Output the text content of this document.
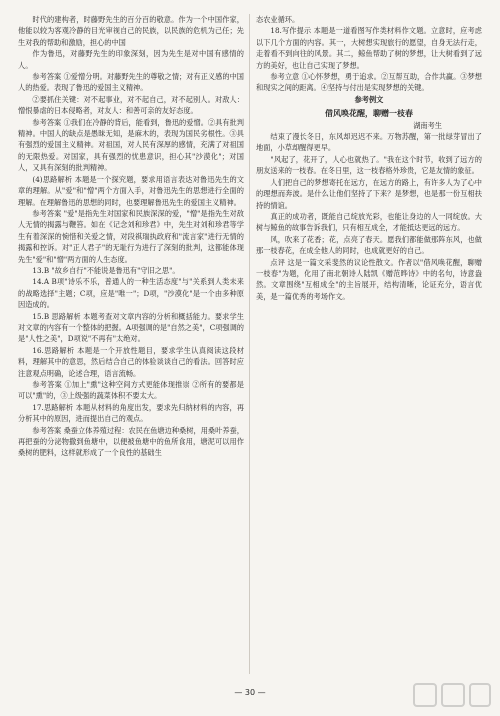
时代的建构者，时藤野先生的百分百的敬意。作为一个中国作家，他能以较为客观冷静的目光审视自己的民族，以民族的危机为己任；先生对我的帮助和激励，担心的中国

作为鲁迅，对藤野先生的印象深刻，因为先生是对中国有感情的人。

参考答案 ①爱憎分明。对藤野先生的尊敬之情；对有正义感的中国人的热爱。表现了鲁迅的爱国主义精神。

②要抓住关键：对不起事业，对不起自己，对不起别人。对敌人：憎恨暴虐的日本侵略者，对友人：和善可亲的友好态度。

参考答案 ①我们在冷静的背后，能看到，鲁迅的爱憎。②具有批判精神。中国人的缺点是愚昧无知，是麻木的，表现为国民劣根性。③具有强烈的爱国主义精神。对祖国，对人民有深厚的感情，充满了对祖国的无限热爱。对国家，具有强烈的忧患意识，担心其"沙漠化"；对国人，又具有深刻的批判精神。

(4)思路解析 本题是一个探究题，要求用语言表达对鲁迅先生的文章的理解。从"爱"和"憎"两个方面入手，对鲁迅先生的思想进行全面的理解。在理解鲁迅的思想的同时，也要理解鲁迅先生的爱国主义精神。

参考答案 "爱"是指先生对国家和民族深深的爱，"憎"是指先生对敌人无情的揭露与鞭笞。如在《记念刘和珍君》中，先生对刘和珍君等学生有着深深的惋惜和关爱之情，对段祺瑞执政府和"流言家"进行无情的揭露和控诉。对"正人君子"的无耻行为进行了深刻的批判，这都能体现先生"爱"和"憎"两方面的人生态度。

13.B "故乡自行"不能说是鲁迅有"守旧之思"。

14.A B项"诗乐不乐，普通人的一种生活态度"与"关系到人类未来的战略选择"主题；C项，应是"唯一"；D项，"沙漠化"是一个由多种原因造成的。

15.B 思路解析 本题考查对文章内容的分析和概括能力。要求学生对文章的内容有一个整体的把握。A项强调的是"自然之美"，C项强调的是"人性之美"，D项说"不再有"太绝对。

16.思路解析 本题是一个开放性题目，要求学生认真阅读这段材料，理解其中的意思，然后结合自己的体验谈谈自己的看法。回答时应注意观点明确，论述合理，语言流畅。

参考答案 ①加上"熏"这种空间方式更能体现推崇 ②所有的要都是可以"熏"的，③上级强的蔬菜体积不要太大。

17.思路解析 本题从材料的角度出发，要求先归纳材料的内容，再分析其中的原因，进而提出自己的观点。

参考答案 桑蚕立体养殖过程：农民在鱼塘边种桑树，用桑叶养蚕，再把蚕的分泌物撒到鱼塘中，以便被鱼塘中的鱼所食用，塘泥可以用作桑树的肥料，这样就形成了一个良性的基础生

态农业循环。

18.写作提示 本题是一道看图写作类材料作文题。立意时，应考虑以下几个方面的内容。其一，大树想实现旅行的愿望，自身无法行走，走着看不到向往的风景。其二，鲸鱼帮助了树的梦想，让大树看到了远方的美好，也让自己实现了梦想。

参考立意 ①心怀梦想，勇于追求。②互帮互助，合作共赢。③梦想和现实之间的距离。④坚持与付出是实现梦想的关键。

参考例文

借风唤花醒，聊赠一枝春

湖南考生

结束了漫长冬日，东风却迟迟不来。万物苏醒，第一批绿芽冒出了地面，小草却醒得更早。

"风起了，花开了，人心也就热了。"我在这个时节，收到了远方的朋友送来的一枝春。在冬日里，这一枝春格外珍贵，它是友情的象征。

人们把自己的梦想寄托在远方，在远方的路上，有许多人为了心中的理想而奔波。是什么让他们坚持了下来？是梦想，也是那一份互相扶持的情谊。

真正的成功者，既能自己绽放光彩，也能让身边的人一同绽放。大树与鲸鱼的故事告诉我们，只有相互成全，才能抵达更远的远方。

风，吹来了花香；花，点亮了春天。愿我们都能做那阵东风，也做那一枝春花，在成全他人的同时，也成就更好的自己。

点评 这是一篇文采斐然的议论性散文。作者以"借风唤花醒，聊赠一枝春"为题，化用了南北朝诗人陆凯《赠范晔诗》中的名句，诗意盎然。文章围绕"互相成全"的主旨展开，结构清晰，论证充分，语言优美，是一篇优秀的考场作文。

— 30 —
